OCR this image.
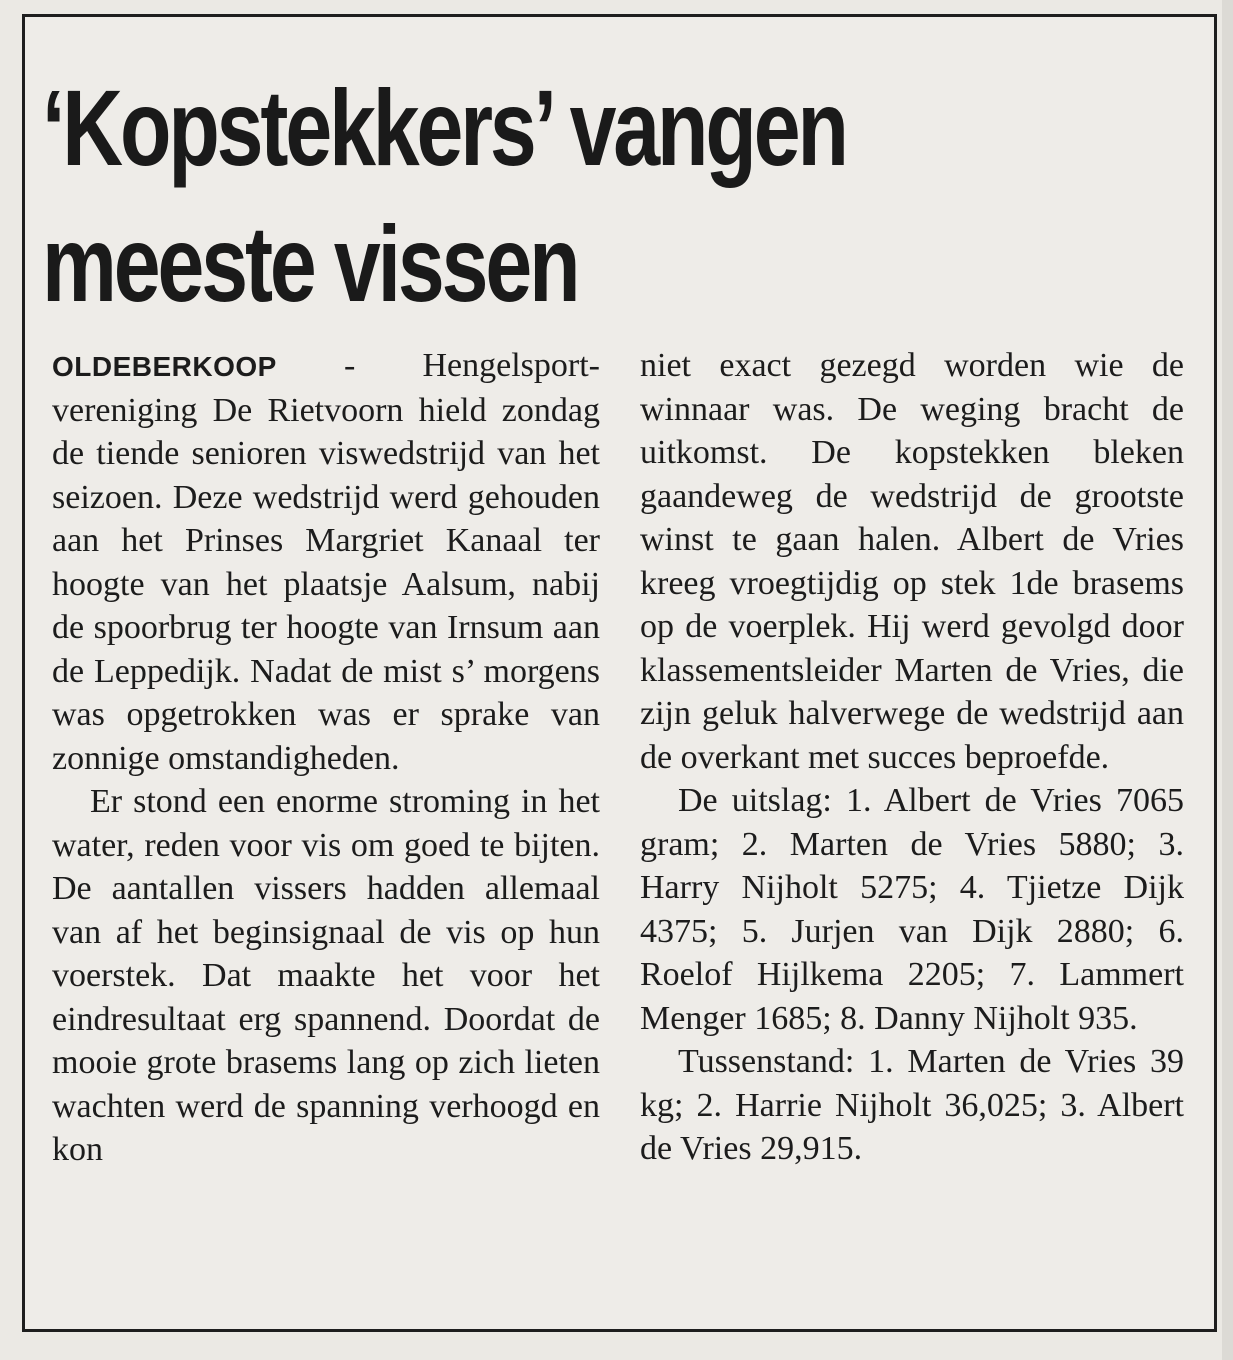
‘Kopstekkers’ vangen
meeste vissen

OLDEBERKOOP - Hengelsportvereniging De Rietvoorn hield zondag de tiende senioren viswedstrijd van het seizoen. Deze wedstrijd werd gehouden aan het Prinses Margriet Kanaal ter hoogte van het plaatsje Aalsum, nabij de spoorbrug ter hoogte van Irnsum aan de Leppedijk. Nadat de mist s’ morgens was opgetrokken was er sprake van zonnige omstandigheden.

Er stond een enorme stroming in het water, reden voor vis om goed te bijten. De aantallen vissers hadden allemaal van af het beginsignaal de vis op hun voerstek. Dat maakte het voor het eindresultaat erg spannend. Doordat de mooie grote brasems lang op zich lieten wachten werd de spanning verhoogd en kon

niet exact gezegd worden wie de winnaar was. De weging bracht de uitkomst. De kopstekken bleken gaandeweg de wedstrijd de grootste winst te gaan halen. Albert de Vries kreeg vroegtijdig op stek 1de brasems op de voerplek. Hij werd gevolgd door klassementsleider Marten de Vries, die zijn geluk halverwege de wedstrijd aan de overkant met succes beproefde.

De uitslag: 1. Albert de Vries 7065 gram; 2. Marten de Vries 5880; 3. Harry Nijholt 5275; 4. Tjietze Dijk 4375; 5. Jurjen van Dijk 2880; 6. Roelof Hijlkema 2205; 7. Lammert Menger 1685; 8. Danny Nijholt 935.

Tussenstand: 1. Marten de Vries 39 kg; 2. Harrie Nijholt 36,025; 3. Albert de Vries 29,915.
